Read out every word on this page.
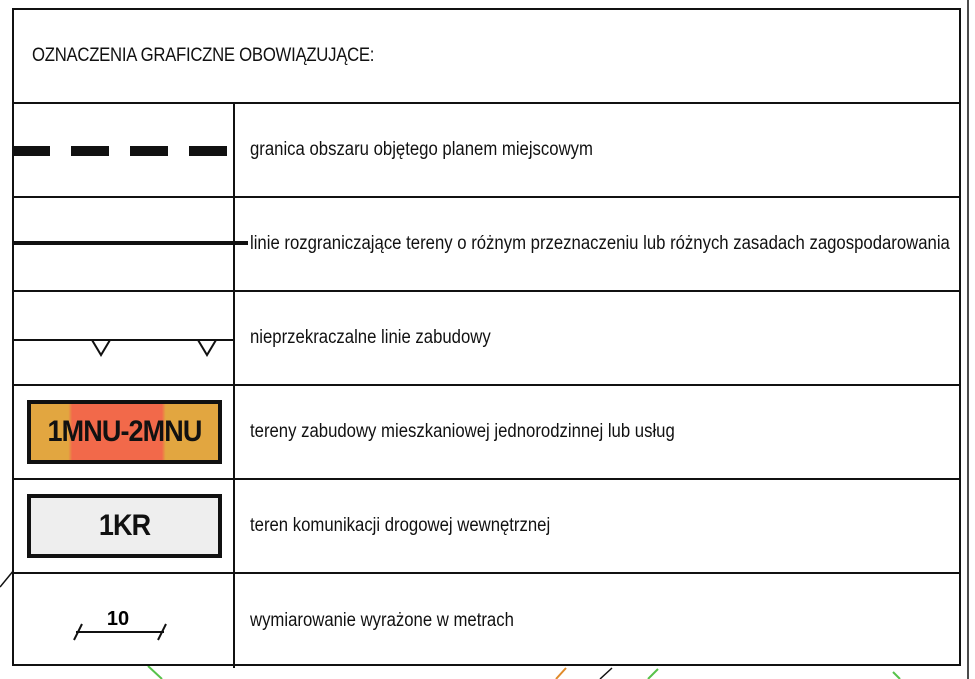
OZNACZENIA GRAFICZNE OBOWIĄZUJĄCE:
granica obszaru objętego planem miejscowym
linie rozgraniczające tereny o różnym przeznaczeniu lub różnych zasadach zagospodarowania
nieprzekraczalne linie zabudowy
1MNU-2MNU	tereny zabudowy mieszkaniowej jednorodzinnej lub usług
1KR	teren komunikacji drogowej wewnętrznej
10	wymiarowanie wyrażone w metrach
